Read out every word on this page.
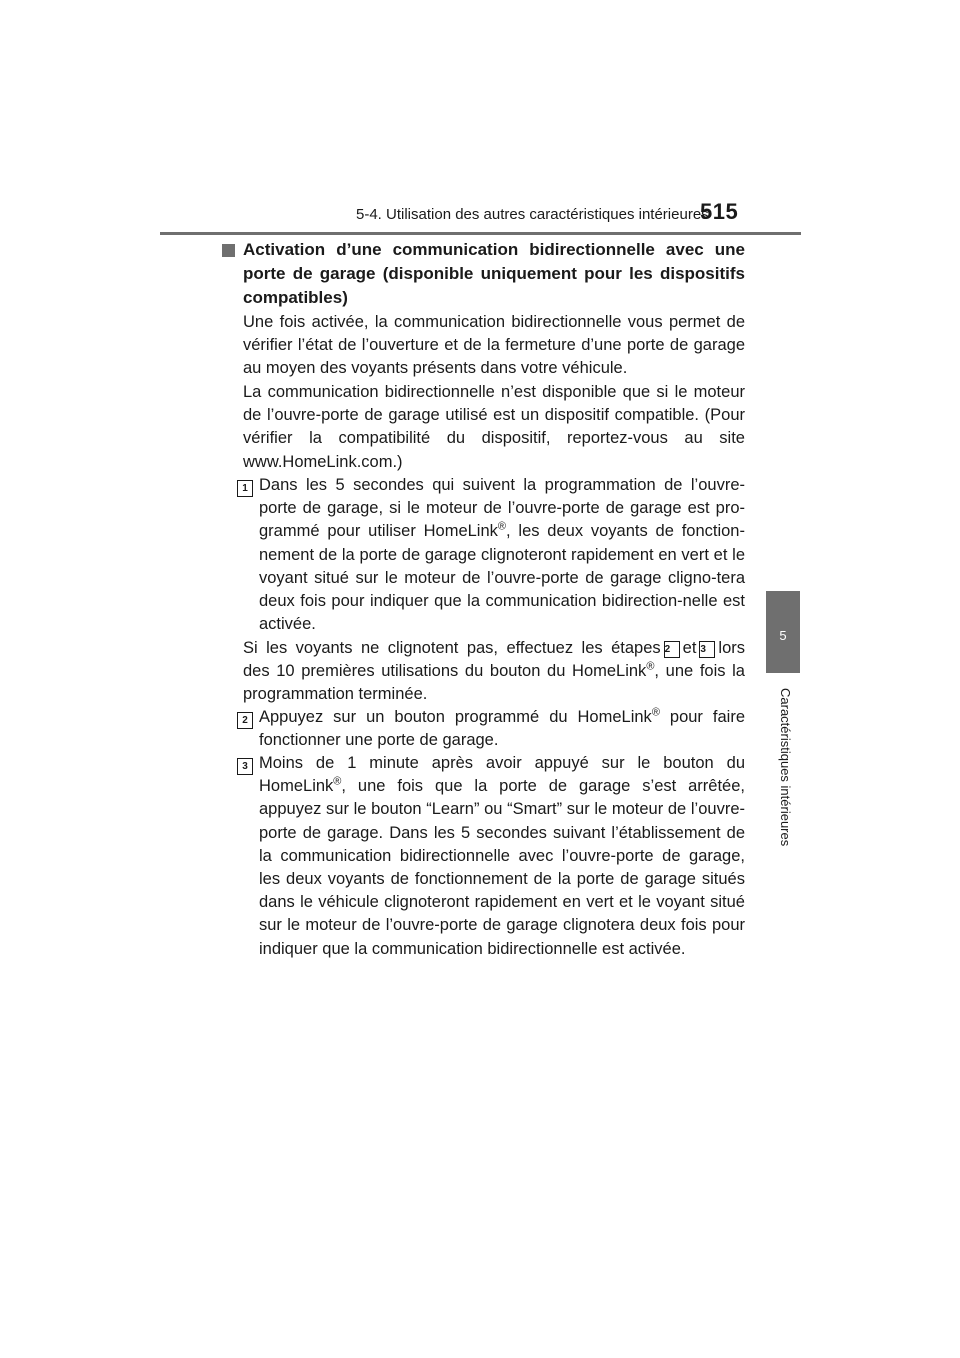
5-4. Utilisation des autres caractéristiques intérieures
515
5
Caractéristiques intérieures
Activation d’une communication bidirectionnelle avec une porte de garage (disponible uniquement pour les dispositifs compatibles)
Une fois activée, la communication bidirectionnelle vous permet de vérifier l’état de l’ouverture et de la fermeture d’une porte de garage au moyen des voyants présents dans votre véhicule.
La communication bidirectionnelle n’est disponible que si le moteur de l’ouvre-porte de garage utilisé est un dispositif compatible. (Pour vérifier la compatibilité du dispositif, reportez-vous au site www.HomeLink.com.)
1 Dans les 5 secondes qui suivent la programmation de l’ouvre-porte de garage, si le moteur de l’ouvre-porte de garage est pro-grammé pour utiliser HomeLink®, les deux voyants de fonction-nement de la porte de garage clignoteront rapidement en vert et le voyant situé sur le moteur de l’ouvre-porte de garage cligno-tera deux fois pour indiquer que la communication bidirection-nelle est activée.
Si les voyants ne clignotent pas, effectuez les étapes 2 et 3 lors des 10 premières utilisations du bouton du HomeLink®, une fois la programmation terminée.
2 Appuyez sur un bouton programmé du HomeLink® pour faire fonctionner une porte de garage.
3 Moins de 1 minute après avoir appuyé sur le bouton du HomeLink®, une fois que la porte de garage s’est arrêtée, appuyez sur le bouton “Learn” ou “Smart” sur le moteur de l’ouvre-porte de garage. Dans les 5 secondes suivant l’établissement de la communication bidirectionnelle avec l’ouvre-porte de garage, les deux voyants de fonctionnement de la porte de garage situés dans le véhicule clignoteront rapidement en vert et le voyant situé sur le moteur de l’ouvre-porte de garage clignotera deux fois pour indiquer que la communication bidirectionnelle est activée.
